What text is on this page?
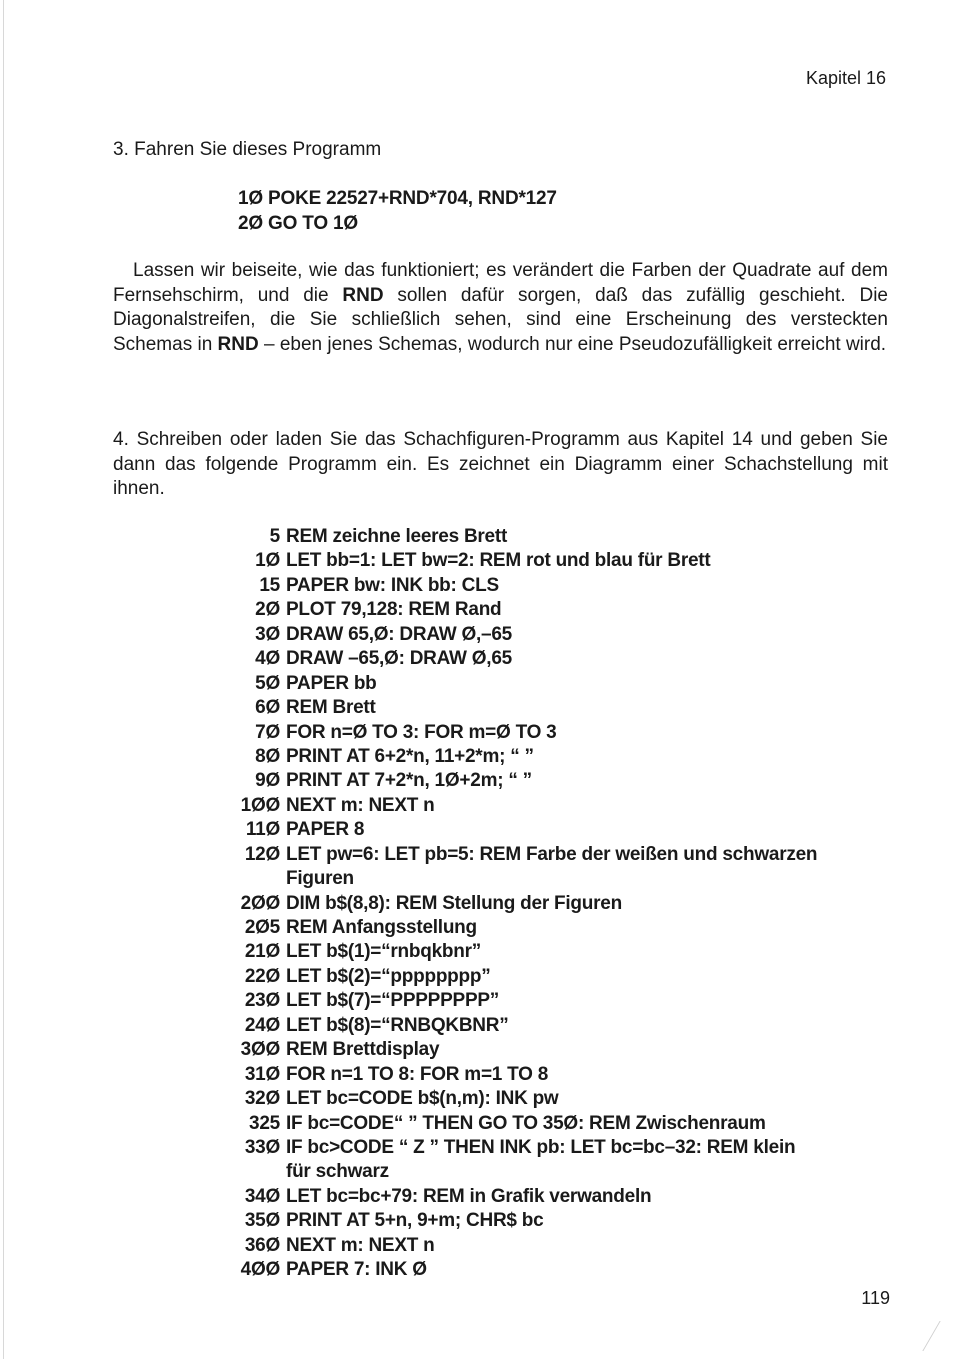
Kapitel 16
3. Fahren Sie dieses Programm
1Ø POKE 22527+RND*704, RND*127
2Ø GO TO 1Ø
Lassen wir beiseite, wie das funktioniert; es verändert die Farben der Quadrate auf dem Fernsehschirm, und die RND sollen dafür sorgen, daß das zufällig geschieht. Die Diagonalstreifen, die Sie schließlich sehen, sind eine Erscheinung des versteckten Schemas in RND – eben jenes Schemas, wodurch nur eine Pseudozufälligkeit erreicht wird.
4. Schreiben oder laden Sie das Schachfiguren-Programm aus Kapitel 14 und geben Sie dann das folgende Programm ein. Es zeichnet ein Diagramm einer Schachstellung mit ihnen.
5 REM zeichne leeres Brett
1Ø LET bb=1: LET bw=2: REM rot und blau für Brett
15 PAPER bw: INK bb: CLS
2Ø PLOT 79,128: REM Rand
3Ø DRAW 65,Ø: DRAW Ø,–65
4Ø DRAW –65,Ø: DRAW Ø,65
5Ø PAPER bb
6Ø REM Brett
7Ø FOR n=Ø TO 3: FOR m=Ø TO 3
8Ø PRINT AT 6+2*n, 11+2*m; “ ”
9Ø PRINT AT 7+2*n, 1Ø+2m; “ ”
1ØØ NEXT m: NEXT n
11Ø PAPER 8
12Ø LET pw=6: LET pb=5: REM Farbe der weißen und schwarzen
Figuren
2ØØ DIM b$(8,8): REM Stellung der Figuren
2Ø5 REM Anfangsstellung
21Ø LET b$(1)=“rnbqkbnr”
22Ø LET b$(2)=“pppppppp”
23Ø LET b$(7)=“PPPPPPPP”
24Ø LET b$(8)=“RNBQKBNR”
3ØØ REM Brettdisplay
31Ø FOR n=1 TO 8: FOR m=1 TO 8
32Ø LET bc=CODE b$(n,m): INK pw
325 IF bc=CODE“ ” THEN GO TO 35Ø: REM Zwischenraum
33Ø IF bc>CODE “ Z ” THEN INK pb: LET bc=bc–32: REM klein
für schwarz
34Ø LET bc=bc+79: REM in Grafik verwandeln
35Ø PRINT AT 5+n, 9+m; CHR$ bc
36Ø NEXT m: NEXT n
4ØØ PAPER 7: INK Ø
119
